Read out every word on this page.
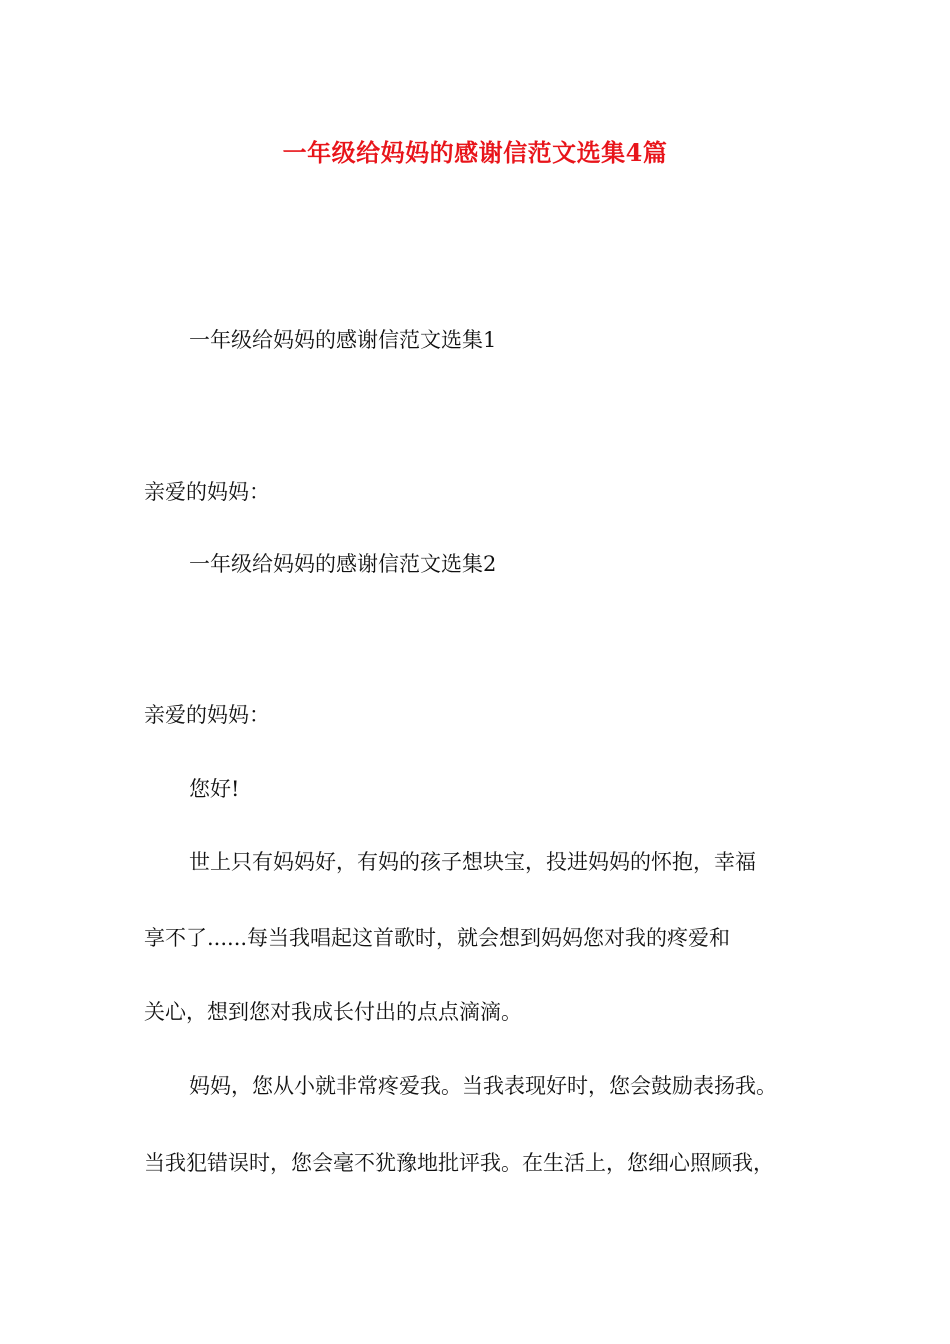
一年级给妈妈的感谢信范文选集4篇
一年级给妈妈的感谢信范文选集1
亲爱的妈妈：
一年级给妈妈的感谢信范文选集2
亲爱的妈妈：
您好!
世上只有妈妈好，有妈的孩子想块宝，投进妈妈的怀抱，幸福
享不了......每当我唱起这首歌时，就会想到妈妈您对我的疼爱和
关心，想到您对我成长付出的点点滴滴。
妈妈，您从小就非常疼爱我。当我表现好时，您会鼓励表扬我。
当我犯错误时，您会毫不犹豫地批评我。在生活上，您细心照顾我，
